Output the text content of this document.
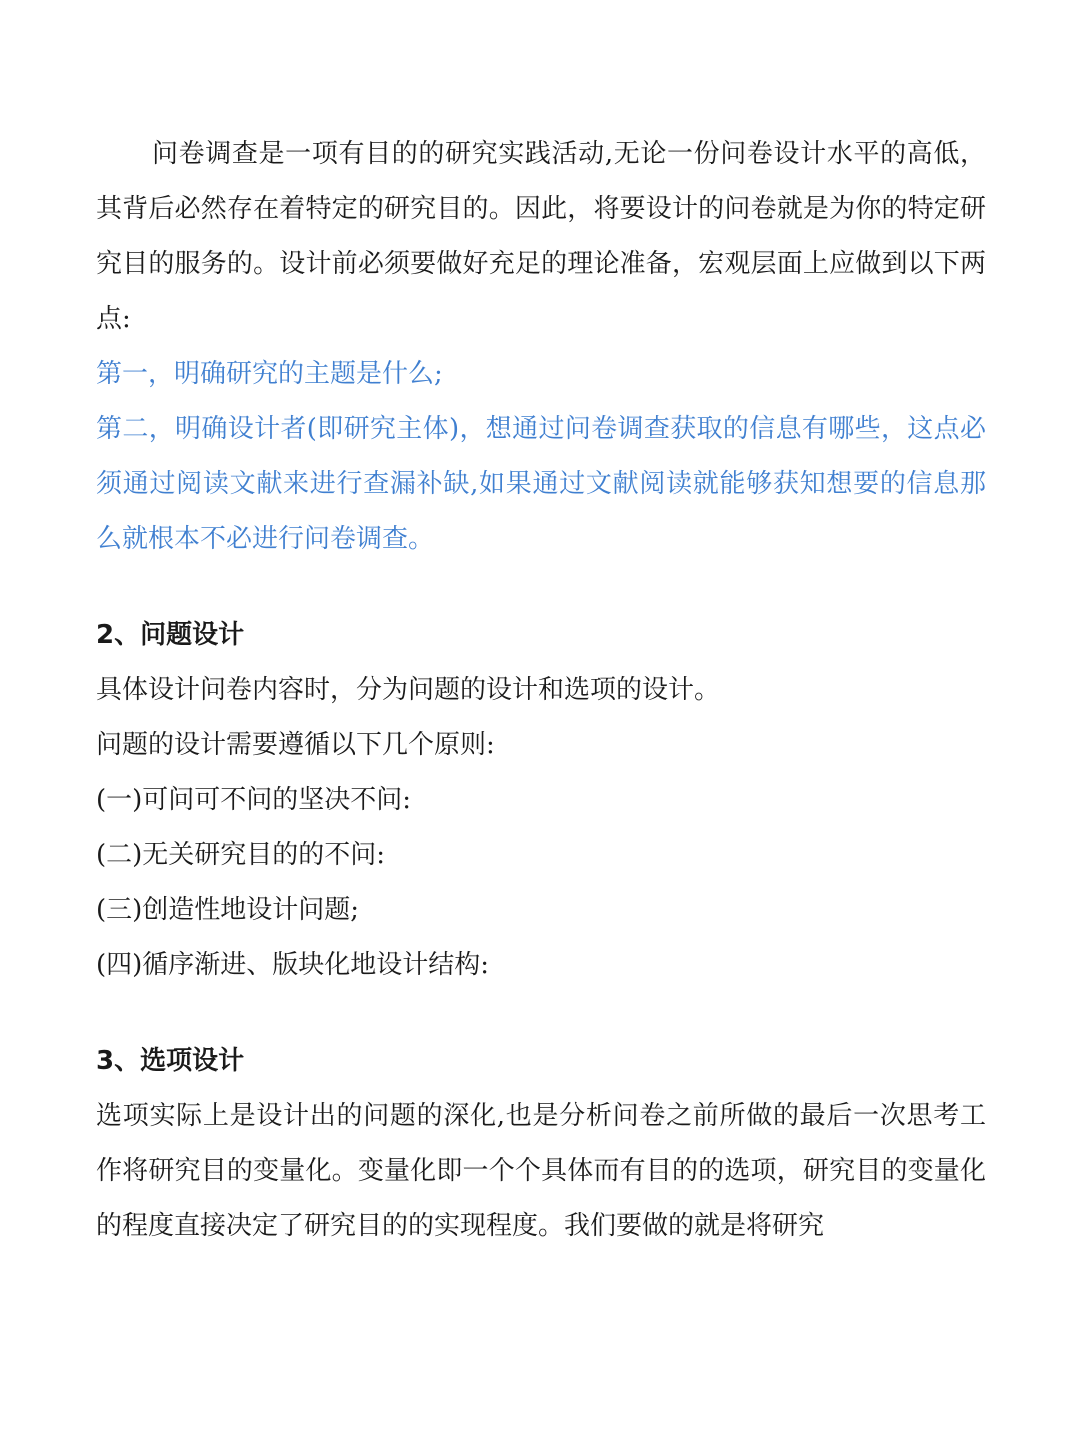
问卷调查是一项有目的的研究实践活动,无论一份问卷设计水平的高低，其背后必然存在着特定的研究目的。因此，将要设计的问卷就是为你的特定研究目的服务的。设计前必须要做好充足的理论准备，宏观层面上应做到以下两点:

第一，明确研究的主题是什么;

第二，明确设计者(即研究主体)，想通过问卷调查获取的信息有哪些，这点必须通过阅读文献来进行查漏补缺,如果通过文献阅读就能够获知想要的信息那么就根本不必进行问卷调查。

2、问题设计

具体设计问卷内容时，分为问题的设计和选项的设计。

问题的设计需要遵循以下几个原则:

(一)可问可不问的坚决不问:

(二)无关研究目的的不问:

(三)创造性地设计问题;

(四)循序渐进、版块化地设计结构:

3、选项设计

选项实际上是设计出的问题的深化,也是分析问卷之前所做的最后一次思考工作将研究目的变量化。变量化即一个个具体而有目的的选项，研究目的变量化的程度直接决定了研究目的的实现程度。我们要做的就是将研究
